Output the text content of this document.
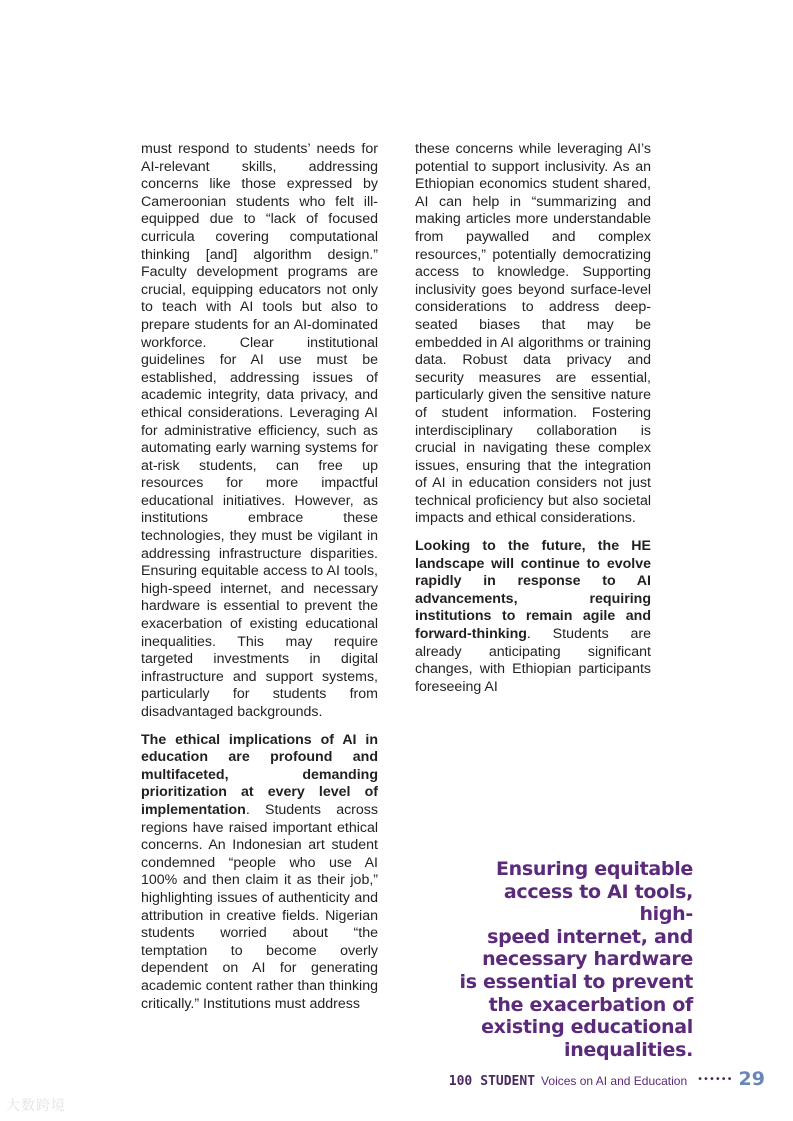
must respond to students’ needs for AI-relevant skills, addressing concerns like those expressed by Cameroonian students who felt ill-equipped due to “lack of focused curricula covering computational thinking [and] algorithm design.” Faculty development programs are crucial, equipping educators not only to teach with AI tools but also to prepare students for an AI-dominated workforce. Clear institutional guidelines for AI use must be established, addressing issues of academic integrity, data privacy, and ethical considerations. Leveraging AI for administrative efficiency, such as automating early warning systems for at-risk students, can free up resources for more impactful educational initiatives. However, as institutions embrace these technologies, they must be vigilant in addressing infrastructure disparities. Ensuring equitable access to AI tools, high-speed internet, and necessary hardware is essential to prevent the exacerbation of existing educational inequalities. This may require targeted investments in digital infrastructure and support systems, particularly for students from disadvantaged backgrounds.

The ethical implications of AI in education are profound and multifaceted, demanding prioritization at every level of implementation. Students across regions have raised important ethical concerns. An Indonesian art student condemned “people who use AI 100% and then claim it as their job,” highlighting issues of authenticity and attribution in creative fields. Nigerian students worried about “the temptation to become overly dependent on AI for generating academic content rather than thinking critically.” Institutions must address

these concerns while leveraging AI’s potential to support inclusivity. As an Ethiopian economics student shared, AI can help in “summarizing and making articles more understandable from paywalled and complex resources,” potentially democratizing access to knowledge. Supporting inclusivity goes beyond surface-level considerations to address deep-seated biases that may be embedded in AI algorithms or training data. Robust data privacy and security measures are essential, particularly given the sensitive nature of student information. Fostering interdisciplinary collaboration is crucial in navigating these complex issues, ensuring that the integration of AI in education considers not just technical proficiency but also societal impacts and ethical considerations.

Looking to the future, the HE landscape will continue to evolve rapidly in response to AI advancements, requiring institutions to remain agile and forward-thinking. Students are already anticipating significant changes, with Ethiopian participants foreseeing AI

Ensuring equitable
access to AI tools, high-
speed internet, and
necessary hardware
is essential to prevent
the exacerbation of
existing educational
inequalities.
100 STUDENT Voices on AI and Education •••••• 29
大数跨境
